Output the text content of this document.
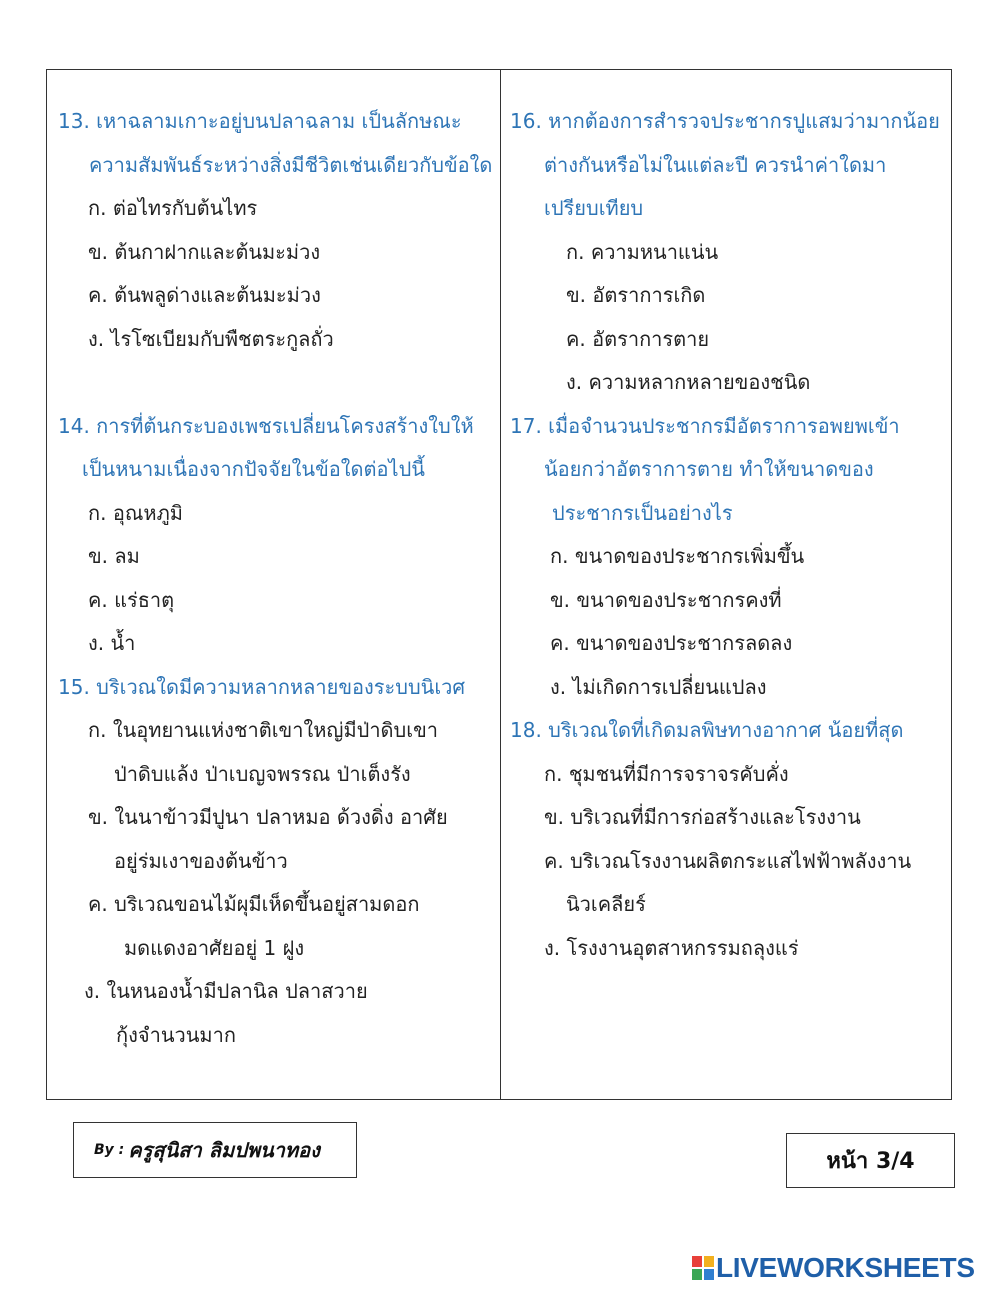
13. เหาฉลามเกาะอยู่บนปลาฉลาม เป็นลักษณะ
ความสัมพันธ์ระหว่างสิ่งมีชีวิตเช่นเดียวกับข้อใด
ก. ต่อไทรกับต้นไทร
ข. ต้นกาฝากและต้นมะม่วง
ค. ต้นพลูด่างและต้นมะม่วง
ง. ไรโซเบียมกับพืชตระกูลถั่ว
14. การที่ต้นกระบองเพชรเปลี่ยนโครงสร้างใบให้
เป็นหนามเนื่องจากปัจจัยในข้อใดต่อไปนี้
ก. อุณหภูมิ
ข. ลม
ค. แร่ธาตุ
ง. น้ำ
15. บริเวณใดมีความหลากหลายของระบบนิเวศ
ก. ในอุทยานแห่งชาติเขาใหญ่มีป่าดิบเขา
ป่าดิบแล้ง ป่าเบญจพรรณ ป่าเต็งรัง
ข. ในนาข้าวมีปูนา ปลาหมอ ด้วงดิ่ง อาศัย
อยู่ร่มเงาของต้นข้าว
ค. บริเวณขอนไม้ผุมีเห็ดขึ้นอยู่สามดอก
มดแดงอาศัยอยู่ 1 ฝูง
ง. ในหนองน้ำมีปลานิล ปลาสวาย
กุ้งจำนวนมาก
16. หากต้องการสำรวจประชากรปูแสมว่ามากน้อย
ต่างกันหรือไม่ในแต่ละปี ควรนำค่าใดมา
เปรียบเทียบ
ก. ความหนาแน่น
ข. อัตราการเกิด
ค. อัตราการตาย
ง. ความหลากหลายของชนิด
17. เมื่อจำนวนประชากรมีอัตราการอพยพเข้า
น้อยกว่าอัตราการตาย ทำให้ขนาดของ
ประชากรเป็นอย่างไร
ก. ขนาดของประชากรเพิ่มขึ้น
ข. ขนาดของประชากรคงที่
ค. ขนาดของประชากรลดลง
ง. ไม่เกิดการเปลี่ยนแปลง
18. บริเวณใดที่เกิดมลพิษทางอากาศ น้อยที่สุด
ก. ชุมชนที่มีการจราจรคับคั่ง
ข. บริเวณที่มีการก่อสร้างและโรงงาน
ค. บริเวณโรงงานผลิตกระแสไฟฟ้าพลังงาน
นิวเคลียร์
ง. โรงงานอุตสาหกรรมถลุงแร่
By : ครูสุนิสา ลิมปพนาทอง	หน้า 3/4
LIVEWORKSHEETS
